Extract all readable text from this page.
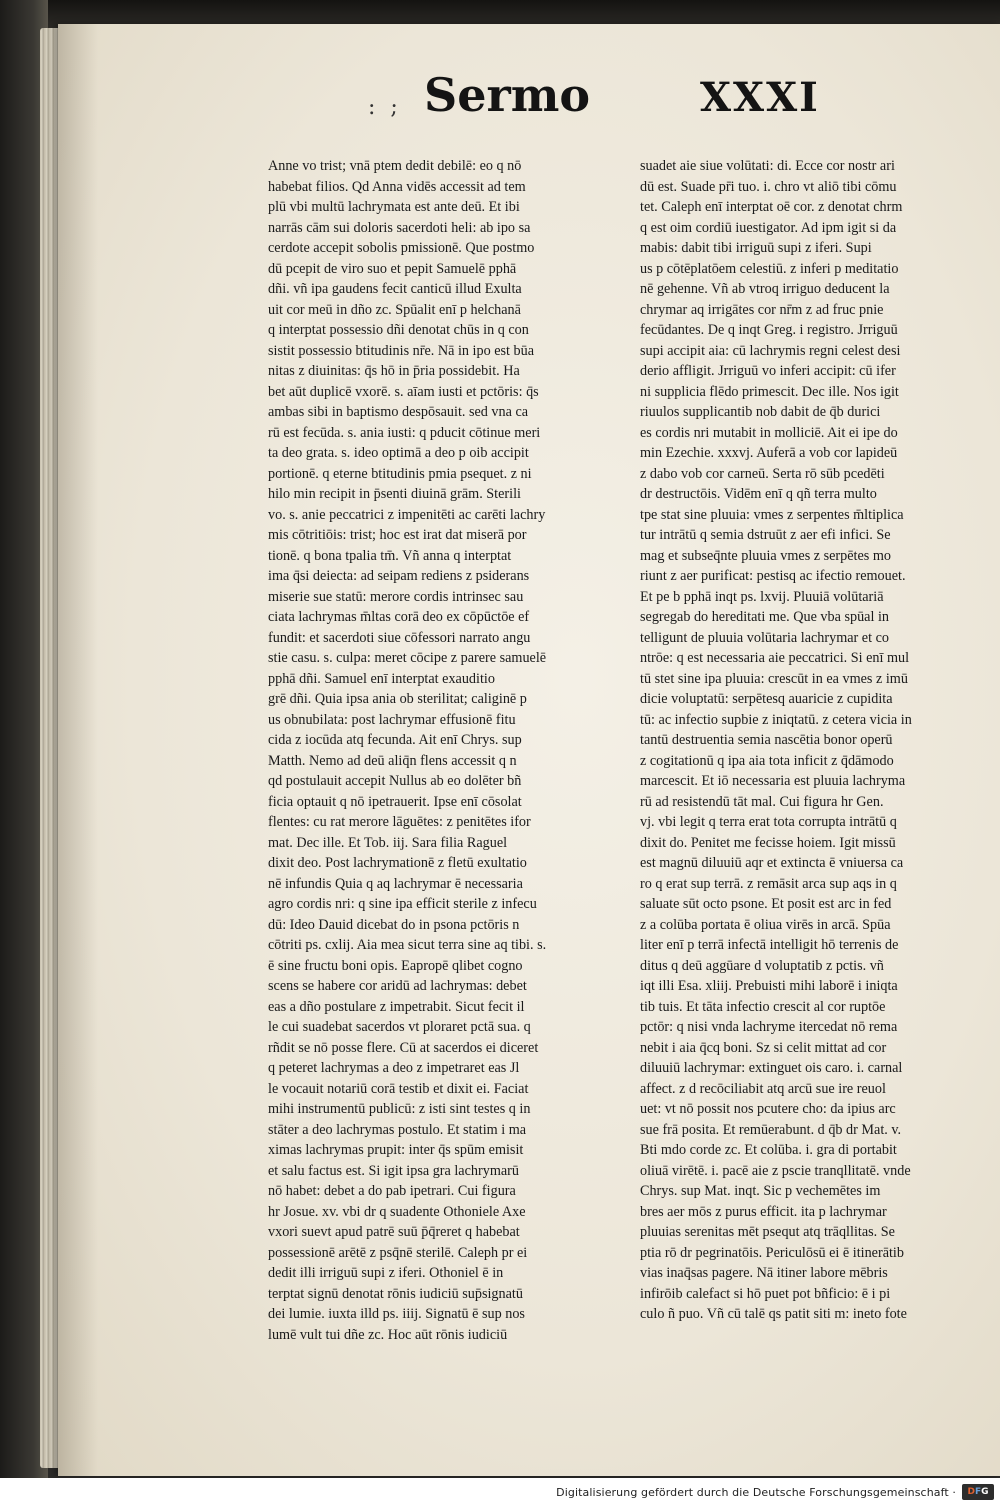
: ; Sermo	XXXI
Anne vo trist; vnā ptem dedit debilē: eo q nō
habebat filios. Qd Anna vidēs accessit ad tem
plū vbi multū lachrymata est ante deū. Et ibi
narrās cām sui doloris sacerdoti heli: ab ipo sa
cerdote accepit sobolis pmissionē. Que postmo
dū pcepit de viro suo et pepit Samuelē pphā
dñi. vñ ipa gaudens fecit canticū illud Exulta
uit cor meū in dño zc. Spūalit enī p helchanā
q interptat possessio dñi denotat chūs in q con
sistit possessio btitudinis nr̄e. Nā in ipo est būa
nitas z diuinitas: q̄s hō in p̄ria possidebit. Ha
bet aūt duplicē vxorē. s. aīam iusti et pctōris: q̄s
ambas sibi in baptismo despōsauit. sed vna ca
rū est fecūda. s. ania iusti: q pducit cōtinue meri
ta deo grata. s. ideo optimā a deo p oib accipit
portionē. q eterne btitudinis pmia psequet. z ni
hilo min recipit in p̄senti diuinā grām. Sterili
vo. s. anie peccatrici z impenitēti ac carēti lachry
mis cōtritiōis: trist; hoc est irat dat miserā por
tionē. q bona tpalia tm̄. Vñ anna q interptat
ima q̄si deiecta: ad seipam rediens z psiderans
miserie sue statū: merore cordis intrinsec sau
ciata lachrymas m̄ltas corā deo ex cōpūctōe ef
fundit: et sacerdoti siue cōfessori narrato angu
stie casu. s. culpa: meret cōcipe z parere samuelē
pphā dñi. Samuel enī interptat exauditio
grē dñi. Quia ipsa ania ob sterilitat; caliginē p
us obnubilata: post lachrymar effusionē fitu
cida z iocūda atq fecunda. Ait enī Chrys. sup
Matth. Nemo ad deū aliq̄n flens accessit q n
qd postulauit accepit Nullus ab eo dolēter bñ
ficia optauit q nō ipetrauerit. Ipse enī cōsolat
flentes: cu rat merore lāguētes: z penitētes ifor
mat. Dec ille. Et Tob. iij. Sara filia Raguel
dixit deo. Post lachrymationē z fletū exultatio
nē infundis Quia q aq lachrymar ē necessaria
agro cordis nri: q sine ipa efficit sterile z infecu
dū: Ideo Dauid dicebat do in psona pctōris n
cōtriti ps. cxlij. Aia mea sicut terra sine aq tibi. s.
ē sine fructu boni opis. Eapropē qlibet cogno
scens se habere cor aridū ad lachrymas: debet
eas a dño postulare z impetrabit. Sicut fecit il
le cui suadebat sacerdos vt ploraret pctā sua. q
rñdit se nō posse flere. Cū at sacerdos ei diceret
q peteret lachrymas a deo z impetraret eas Jl
le vocauit notariū corā testib et dixit ei. Faciat
mihi instrumentū publicū: z isti sint testes q in
stāter a deo lachrymas postulo. Et statim i ma
ximas lachrymas prupit: inter q̄s spūm emisit
et salu factus est. Si igit ipsa gra lachrymarū
nō habet: debet a do pab ipetrari. Cui figura
hr Josue. xv. vbi dr q suadente Othoniele Axe
vxori suevt apud patrē suū p̄q̄reret q habebat
possessionē arētē z psq̄nē sterilē. Caleph pr ei
dedit illi irriguū supi z iferi. Othoniel ē in
terptat signū denotat rōnis iudiciū sup̄signatū
dei lumie. iuxta illd ps. iiij. Signatū ē sup nos
lumē vult tui dñe zc. Hoc aūt rōnis iudiciū
suadet aie siue volūtati: di. Ecce cor nostr ari
dū est. Suade pr̄i tuo. i. chro vt aliō tibi cōmu
tet. Caleph enī interptat oē cor. z denotat chrm
q est oim cordiū iuestigator. Ad ipm igit si da
mabis: dabit tibi irriguū supi z iferi. Supi
us p cōtēplatōem celestiū. z inferi p meditatio
nē gehenne. Vñ ab vtroq irriguo deducent la
chrymar aq irrigātes cor nr̄m z ad fruc pnie
fecūdantes. De q inqt Greg. i registro. Jrriguū
supi accipit aia: cū lachrymis regni celest desi
derio affligit. Jrriguū vo inferi accipit: cū ifer
ni supplicia flēdo primescit. Dec ille. Nos igit
riuulos supplicantib nob dabit de q̄b durici
es cordis nri mutabit in molliciē. Ait ei ipe do
min Ezechie. xxxvj. Auferā a vob cor lapideū
z dabo vob cor carneū. Serta rō sūb pcedēti
dr destructōis. Vidēm enī q qñ terra multo
tpe stat sine pluuia: vmes z serpentes m̄ltiplica
tur intrātū q semia dstruūt z aer efi infici. Se
mag et subseq̄nte pluuia vmes z serpētes mo
riunt z aer purificat: pestisq ac ifectio remouet.
Et pe b pphā inqt ps. lxvij. Pluuiā volūtariā
segregab do hereditati me. Que vba spūal in
telligunt de pluuia volūtaria lachrymar et co
ntrōe: q est necessaria aie peccatrici. Si enī mul
tū stet sine ipa pluuia: crescūt in ea vmes z imū
dicie voluptatū: serpētesq auaricie z cupidita
tū: ac infectio supbie z iniqtatū. z cetera vicia in
tantū destruentia semia nascētia bonor operū
z cogitationū q ipa aia tota inficit z q̄dāmodo
marcescit. Et iō necessaria est pluuia lachryma
rū ad resistendū tāt mal. Cui figura hr Gen.
vj. vbi legit q terra erat tota corrupta intrātū q
dixit do. Penitet me fecisse hoiem. Igit missū
est magnū diluuiū aqr et extincta ē vniuersa ca
ro q erat sup terrā. z remāsit arca sup aqs in q
saluate sūt octo psone. Et posit est arc in fed
z a colūba portata ē oliua virēs in arcā. Spūa
liter enī p terrā infectā intelligit hō terrenis de
ditus q deū aggūare d voluptatib z pctis. vñ
iqt illi Esa. xliij. Prebuisti mihi laborē i iniqta
tib tuis. Et tāta infectio crescit al cor ruptōe
pctōr: q nisi vnda lachryme itercedat nō rema
nebit i aia q̄cq boni. Sz si celit mittat ad cor
diluuiū lachrymar: extinguet ois caro. i. carnal
affect. z d recōciliabit atq arcū sue ire reuol
uet: vt nō possit nos pcutere cho: da ipius arc
sue frā posita. Et remūerabunt. d q̄b dr Mat. v.
Bti mdo corde zc. Et colūba. i. gra di portabit
oliuā virētē. i. pacē aie z pscie tranqllitatē. vnde
Chrys. sup Mat. inqt. Sic p vechemētes im
bres aer mōs z purus efficit. ita p lachrymar
pluuias serenitas mēt psequt atq trāqllitas. Se
ptia rō dr pegrinatōis. Periculōsū ei ē itinerātib
vias inaq̄sas pagere. Nā itiner labore mēbris
infirōib calefact si hō puet pot bñficio: ē i pi
culo ñ puo. Vñ cū talē qs patit siti m: ineto fote
Digitalisierung gefördert durch die Deutsche Forschungsgemeinschaft ·	DFG
